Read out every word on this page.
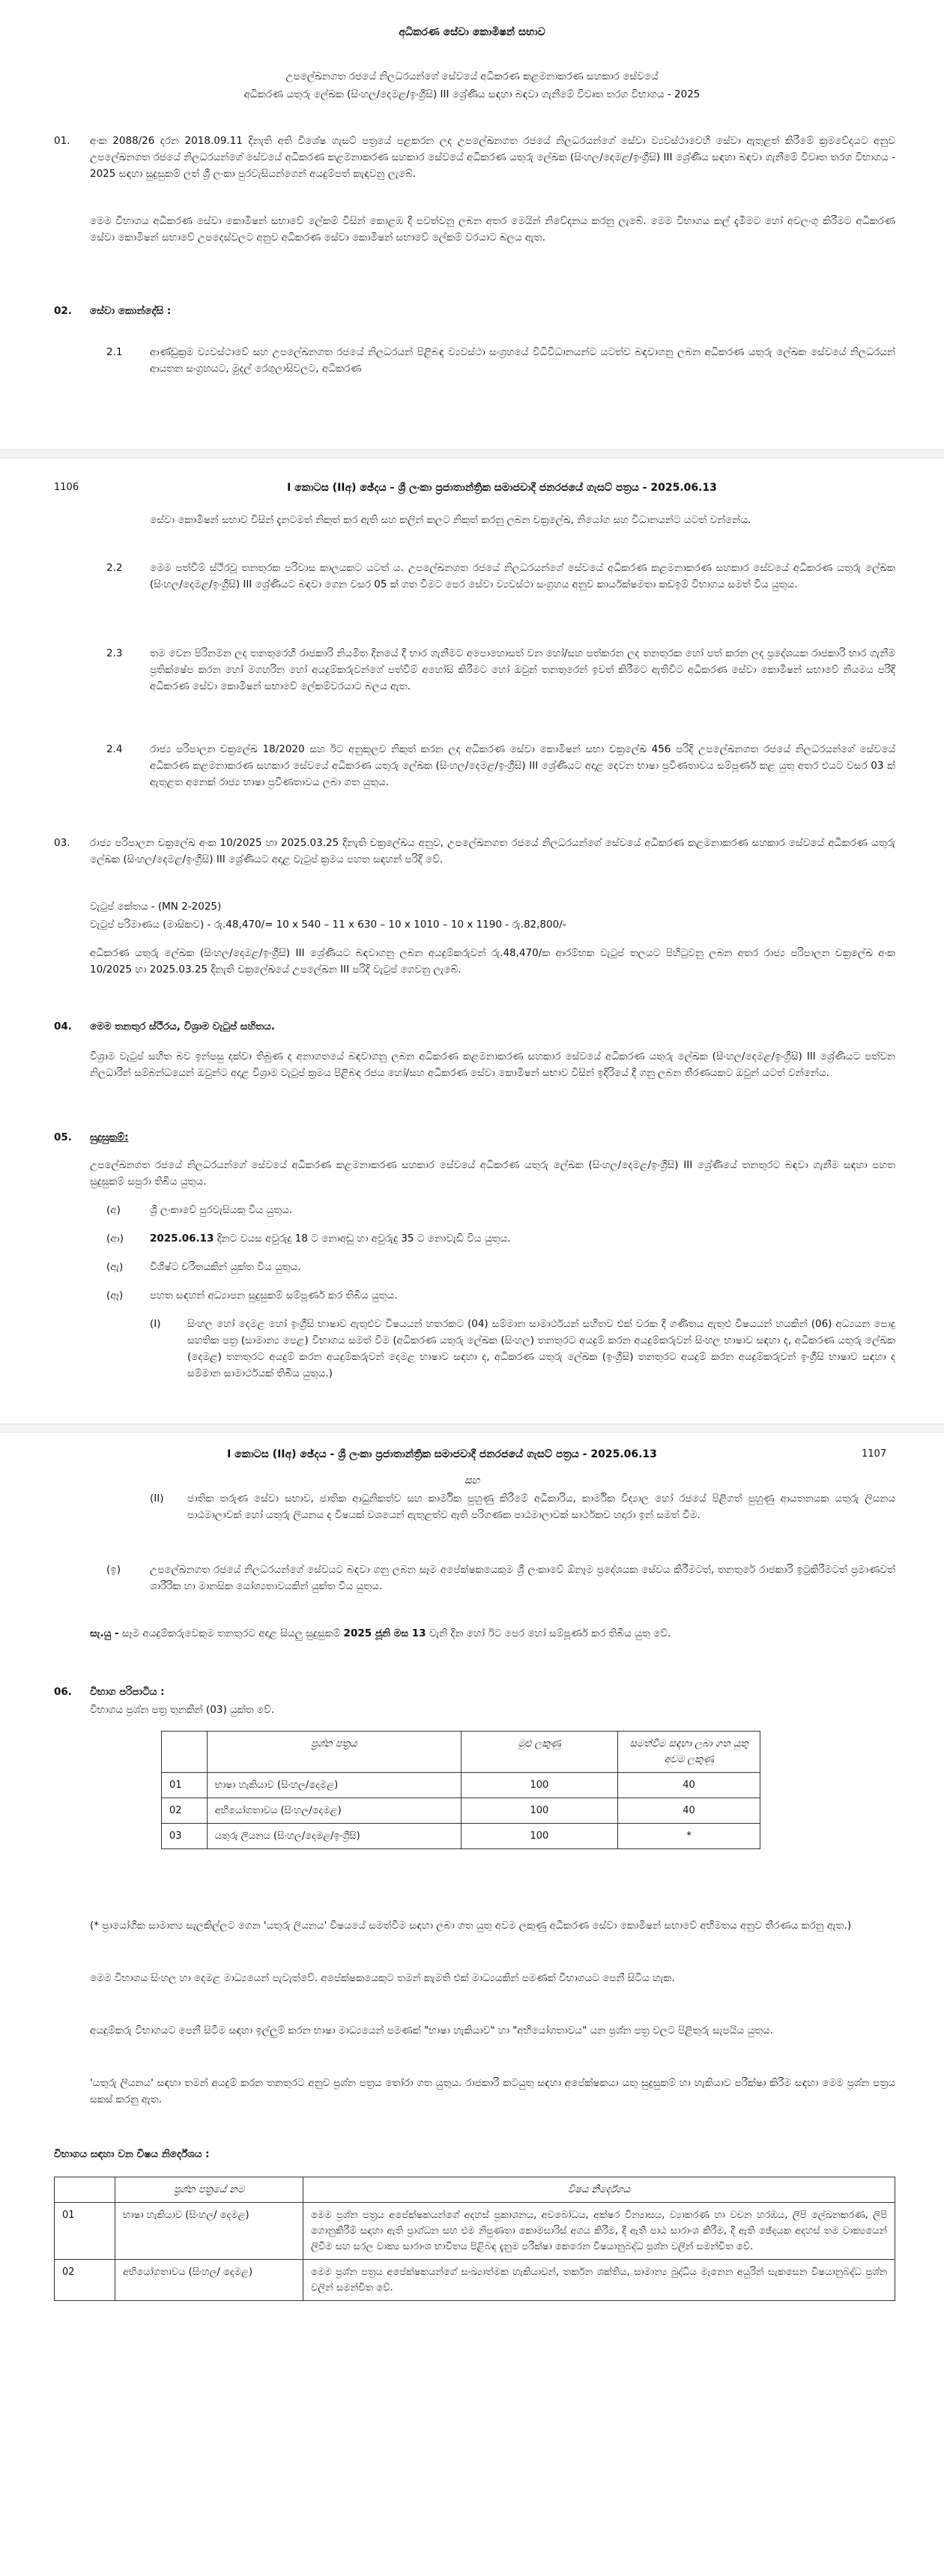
අධිකරණ සේවා කොමිෂන් සභාව
උපලේඛනගත රජයේ නිලධරයන්ගේ සේවයේ අධිකරණ කළමනාකරණ සහකාර සේවයේ
අධිකරණ යතුරු ලේඛක (සිංහල/දෙමළ/ඉංග්‍රීසි) III ශ්‍රේණිය සඳහා බඳවා ගැනීමේ විවෘත තරග විභාගය - 2025
01. අංක 2088/26 දරන 2018.09.11 දිනැති අති විශේෂ ගැසට් පත්‍රයේ පළකරන ලද උපලේඛනගත රජයේ නිලධරයන්ගේ සේවා ව්‍යවස්ථාවෙහි සේවා ඇතුළත් කිරීමේ ක්‍රමවේදයට අනුව උපලේඛනගත රජයේ නිලධරයන්ගේ සේවයේ අධිකරණ කළමනාකරණ සහකාර සේවයේ අධිකරණ යතුරු ලේඛක (සිංහල/දෙමළ/ඉංග්‍රීසි) III ශ්‍රේණිය සඳහා බඳවා ගැනීමේ විවෘත තරග විභාගය - 2025 සඳහා සුදුසුකම් ලත් ශ්‍රී ලංකා පුරවැසියන්ගෙන් අයදුම්පත් කැඳවනු ලැබේ.
මෙම විභාගය අධිකරණ සේවා කොමිෂන් සභාවේ ලේකම් විසින් කොළඹ දී පවත්වනු ලබන අතර මෙයින් නිවේදනය කරනු ලැබේ. මෙම විභාගය කල් දැමීමට හෝ අවලංගු කිරීමට අධිකරණ සේවා කොමිෂන් සභාවේ උපදෙස්වලට අනුව අධිකරණ සේවා කොමිෂන් සභාවේ ලේකම් වරයාට බලය ඇත.
02. සේවා කොන්දේසි :
2.1	ආණ්ඩුක්‍රම ව්‍යවස්ථාවේ සහ උපලේඛනගත රජයේ නිලධරයන් පිළිබඳ ව්‍යවස්ථා සංග්‍රහයේ විධිවිධානයන්ට යටත්ව බඳවාගනු ලබන අධිකරණ යතුරු ලේඛක සේවයේ නිලධරයන් ආයතන සංග්‍රහයට, මුදල් රෙගුලාසිවලට, අධිකරණ
1106	I කොටස (IIඅ) ඡේදය - ශ්‍රී ලංකා ප්‍රජාතාන්ත්‍රික සමාජවාදී ජනරජයේ ගැසට් පත්‍රය - 2025.06.13
සේවා කොමිෂන් සභාව විසින් දැනටමත් නිකුත් කර ඇති සහ කලින් කලට නිකුත් කරනු ලබන චක්‍රලේඛ, නියෝග සහ විධානයන්ට යටත් වන්නේය.
2.2	මෙම පත්වීම් ස්ථිරවූ තනතුරක පරිවාස කාලයකට යටත් ය. උපලේඛනගත රජයේ නිලධරයන්ගේ සේවයේ අධිකරණ කළමනාකරණ සහකාර සේවයේ අධිකරණ යතුරු ලේඛක (සිංහල/දෙමළ/ඉංග්‍රීසි) III ශ්‍රේණියට බඳවා ගෙන වසර 05 ක් ගත වීමට පෙර සේවා ව්‍යවස්ථා සංග්‍රහය අනුව කාර්යක්ෂමතා කඩඉම් විභාගය සමත් විය යුතුය.
2.3	තම වෙන පිරිනමන ලද තනතුරෙහි රාජකාරි නියමිත දිනයේ දී භාර ගැනීමට අපොහොසත් වන හෝ/සහ පත්කරන ලද තනතුරක හෝ පත් කරන ලද ප්‍රදේශයක රාජකාරි භාර ගැනීම ප්‍රතික්ෂේප කරන හෝ මගහරින හෝ අයදුම්කරුවන්ගේ පත්වීම් අහෝසි කිරීමට හෝ ඔවුන් තනතුරෙන් ඉවත් කිරීමට ඇතිවිට අධිකරණ සේවා කොමිෂන් සභාවේ නියමය පරිදි අධිකරණ සේවා කොමිෂන් සභාවේ ලේකම්වරයාට බලය ඇත.
2.4	රාජ්‍ය පරිපාලන චක්‍රලේඛ 18/2020 සහ ඊට අනුකූලව නිකුත් කරන ලද අධිකරණ සේවා කොමිෂන් සභා චක්‍රලේඛ 456 පරිදි උපලේඛනගත රජයේ නිලධරයන්ගේ සේවයේ අධිකරණ කළමනාකරණ සහකාර සේවයේ අධිකරණ යතුරු ලේඛක (සිංහල/දෙමළ/ඉංග්‍රීසි) III ශ්‍රේණියට අදාළ දෙවන භාෂා ප්‍රවීණතාවය සම්පූර්ණ කළ යුතු අතර එයට වසර 03 ක් ඇතුළත අනෙක් රාජ්‍ය භාෂා ප්‍රවීණතාවය ලබා ගත යුතුය.
03. රාජ්‍ය පරිපාලන චක්‍රලේඛ අංක 10/2025 හා 2025.03.25 දිනැති චක්‍රලේඛය අනුව, උපලේඛනගත රජයේ නිලධරයන්ගේ සේවයේ අධිකරණ කළමනාකරණ සහකාර සේවයේ අධිකරණ යතුරු ලේඛක (සිංහල/දෙමළ/ඉංග්‍රීසි) III ශ්‍රේණියට අදාළ වැටුප් ක්‍රමය පහත සඳහන් පරිදි වේ.
වැටුප් කේතය - (MN 2-2025)
වැටුප් පරිමාණය (මාසිකව) - රු.48,470/= 10 x 540 – 11 x 630 – 10 x 1010 – 10 x 1190 - රු.82,800/-
අධිකරණ යතුරු ලේඛක (සිංහල/දෙමළ/ඉංග්‍රීසි) III ශ්‍රේණියට බඳවාගනු ලබන අයදුම්කරුවන් රු.48,470/ක ආරම්භක වැටුප් තලයට පිහිටුවනු ලබන අතර රාජ්‍ය පරිපාලන චක්‍රලේඛ අංක 10/2025 හා 2025.03.25 දිනැති චක්‍රලේඛයේ උපලේඛන III පරිදි වැටුප් ගෙවනු ලැබේ.
04. මෙම තනතුර ස්ථිරය, විශ්‍රාම වැටුප් සහිතය.
විශ්‍රාම වැටුප් සහිත බව ඉන්පසු දක්වා තිබුණ ද අනාගතයේ බඳවාගනු ලබන අධිකරණ කළමනාකරණ සහකාර සේවයේ අධිකරණ යතුරු ලේඛක (සිංහල/දෙමළ/ඉංග්‍රීසි) III ශ්‍රේණියට පත්වන නිලධාරීන් සම්බන්ධයෙන් ඔවුන්ට අදාළ විශ්‍රාම වැටුප් ක්‍රමය පිළිබඳ රජය හෝ/සහ අධිකරණ සේවා කොමිෂන් සභාව විසින් ඉදිරියේ දී ගනු ලබන තීරණයකට ඔවුන් යටත් වන්නේය.
05. සුදුසුකම්:
උපලේඛනගත රජයේ නිලධරයන්ගේ සේවයේ අධිකරණ කළමනාකරණ සහකාර සේවයේ අධිකරණ යතුරු ලේඛක (සිංහල/දෙමළ/ඉංග්‍රීසි) III ශ්‍රේණියේ තනතුරට බඳවා ගැනීම සඳහා පහත සුදුසුකම් සපුරා තිබිය යුතුය.
(අ)	ශ්‍රී ලංකාවේ පුරවැසියකු විය යුතුය.
(ආ)	2025.06.13 දිනට වයස අවුරුදු 18 ට නොඅඩු හා අවුරුදු 35 ට නොවැඩි විය යුතුය.
(ඇ)	විශිෂ්ට චරිතයකින් යුක්ත විය යුතුය.
(ඈ)	පහත සඳහන් අධ්‍යාපන සුදුසුකම් සම්පූර්ණ කර තිබිය යුතුය.
(I)	සිංහල හෝ දෙමළ හෝ ඉංග්‍රීසි භාෂාව ඇතුළුව විෂයයන් හතරකට (04) සම්මාන සාමාර්ථයන් සහිතව එක් වරක දී ගණිතය ඇතුළු විෂයයන් හයකින් (06) අධ්‍යයන පොදු සහතික පත්‍ර (සාමාන්‍ය පෙළ) විභාගය සමත් වීම (අධිකරණ යතුරු ලේඛක (සිංහල) තනතුරට අයදුම් කරන අයදුම්කරුවන් සිංහල භාෂාව සඳහා ද, අධිකරණ යතුරු ලේඛක (දෙමළ) තනතුරට අයදුම් කරන අයදුම්කරුවන් දෙමළ භාෂාව සඳහා ද, අධිකරණ යතුරු ලේඛක (ඉංග්‍රීසි) තනතුරට අයදුම් කරන අයදුම්කරුවන් ඉංග්‍රීසි භාෂාව සඳහා ද සම්මාන සාමාර්ථයක් තිබිය යුතුය.)
I කොටස (IIඅ) ඡේදය - ශ්‍රී ලංකා ප්‍රජාතාන්ත්‍රික සමාජවාදී ජනරජයේ ගැසට් පත්‍රය - 2025.06.13	1107
සහ
(II) ජාතික තරුණ සේවා සභාව, ජාතික ආධුනිකත්ව සහ කාර්මික පුහුණු කිරීමේ අධිකාරිය, කාර්මික විද්‍යාල හෝ රජයේ පිළිගත් පුහුණු ආයතනයක යතුරු ලියනය පාඨමාලාවක් හෝ යතුරු ලියනය ද විෂයක් වශයෙන් ඇතුළත්ව ඇති පරිගණක පාඨමාලාවක් සාර්ථකව හදාරා ඉන් සමත් වීම.
(ඉ)	උපලේඛනගත රජයේ නිලධරයන්ගේ සේවයට බඳවා ගනු ලබන සෑම අපේක්ෂකයෙකුම ශ්‍රී ලංකාවේ ඕනෑම ප්‍රදේශයක සේවය කිරීමටත්, තනතුරේ රාජකාරි ඉටුකිරීමටත් ප්‍රමාණවත් ශාරීරික හා මානසික යෝග්‍යතාවයකින් යුක්ත විය යුතුය.
සැ.යු - සෑම අයදුම්කරුවෙකුම තනතුරට අදාළ සියලු සුදුසුකම් 2025 ජූනි මස 13 වැනි දින හෝ ඊට පෙර හෝ සම්පූර්ණ කර තිබිය යුතු වේ.
06. විභාග පරිපාටිය :
විභාගය ප්‍රශ්න පත්‍ර තුනකින් (03) යුක්ත වේ.
	ප්‍රශ්න පත්‍රය	මුළු ලකුණු	සමත්වීම සඳහා ලබා ගත යුතු අවම ලකුණු
01	භාෂා හැකියාව (සිංහල/දෙමළ)	100	40
02	අභියෝගතාවය (සිංහල/දෙමළ)	100	40
03	යතුරු ලියනය (සිංහල/දෙමළ/ඉංග්‍රීසි)	100	*
(* ප්‍රායෝගික සාමාන්‍ය සැලකිල්ලට ගෙන 'යතුරු ලියනය' විෂයයේ සමත්වීම සඳහා ලබා ගත යුතු අවම ලකුණු අධිකරණ සේවා කොමිෂන් සභාවේ අභිමතය අනුව තීරණය කරනු ඇත.)
මෙම විභාගය සිංහල හා දෙමළ මාධ්‍යයෙන් පැවැත්වේ. අපේක්ෂකයෙකුට තමන් කැමති එක් මාධ්‍යයකින් පමණක් විභාගයට පෙනී සිටිය හැක.
අයදුම්කරු විභාගයට පෙනී සිටීම සඳහා ඉල්ලුම් කරන භාෂා මාධ්‍යයෙන් පමණක් "භාෂා හැකියාව" හා "අභියෝගතාවය" යන ප්‍රශ්න පත්‍ර වලට පිළිතුරු සැපයිය යුතුය.
'යතුරු ලියනය' සඳහා තමන් අයදුම් කරන තනතුරට අනුව ප්‍රශ්න පත්‍රය තෝරා ගත යුතුය. රාජකාරි කටයුතු සඳහා අපේක්ෂකයා යතු සුදුසුකම් හා හැකියාව පරීක්ෂා කිරීම සඳහා මෙම ප්‍රශ්න පත්‍රය සකස් කරනු ඇත.
විභාගය සඳහා වන විෂය නිර්දේශය :
	ප්‍රශ්න පත්‍රයේ නම	විෂය නිර්දේශය
01	භාෂා හැකියාව (සිංහල/ දෙමළ)	මෙම ප්‍රශ්න පත්‍රය අපේක්ෂකයන්ගේ අදහස් ප්‍රකාශනය, අවබෝධය, අක්ෂර වින්‍යාසය, ව්‍යාකරණ හා වචන හරඹය, ලිපි ලේඛනකරණ, ලිපි ගොනුකිරීම් සඳහා ඇති ප්‍රාග්ධන සහ එම නිපුණතා කොමසාරිස් අගය කිරීම, දී ඇති පාඨ සාරාංශ කිරීම, දී ඇති ඡේදයක අදහස් තම වාක්‍යයෙන් ලිවීම සහ සරල වාක්‍ය සාරාංශ භාවිතය පිළිබඳ දැනුම පරීක්ෂා කෙරෙන විෂයානුබද්ධ ප්‍රශ්න වලින් සමන්විත වේ.
02	අභියෝගතාවය (සිංහල/ දෙමළ)	මෙම ප්‍රශ්න පත්‍රය අපේක්ෂකයන්ගේ සංඛ්‍යාත්මක හැකියාවන්, තර්කන ශක්තිය, සාමාන්‍ය බුද්ධිය මැනෙන අයුරින් සැකසෙන විෂයානුබද්ධ ප්‍රශ්න වලින් සමන්විත වේ.
